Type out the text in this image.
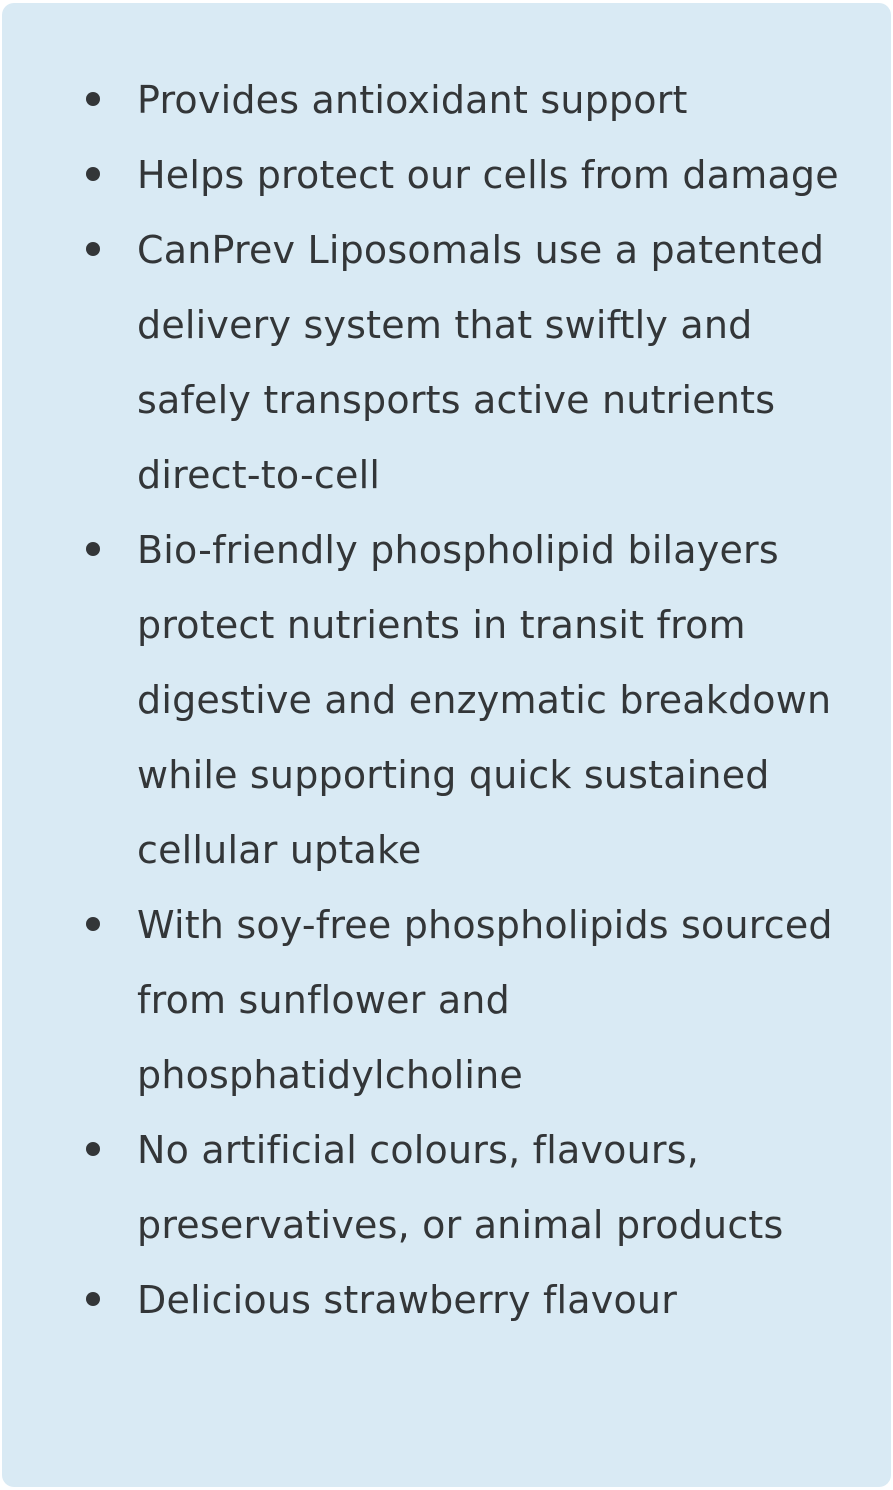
Provides antioxidant support
Helps protect our cells from damage
CanPrev Liposomals use a patented delivery system that swiftly and safely transports active nutrients direct-to-cell
Bio-friendly phospholipid bilayers protect nutrients in transit from digestive and enzymatic breakdown while supporting quick sustained cellular uptake
With soy-free phospholipids sourced from sunflower and phosphatidylcholine
No artificial colours, flavours, preservatives, or animal products
Delicious strawberry flavour
